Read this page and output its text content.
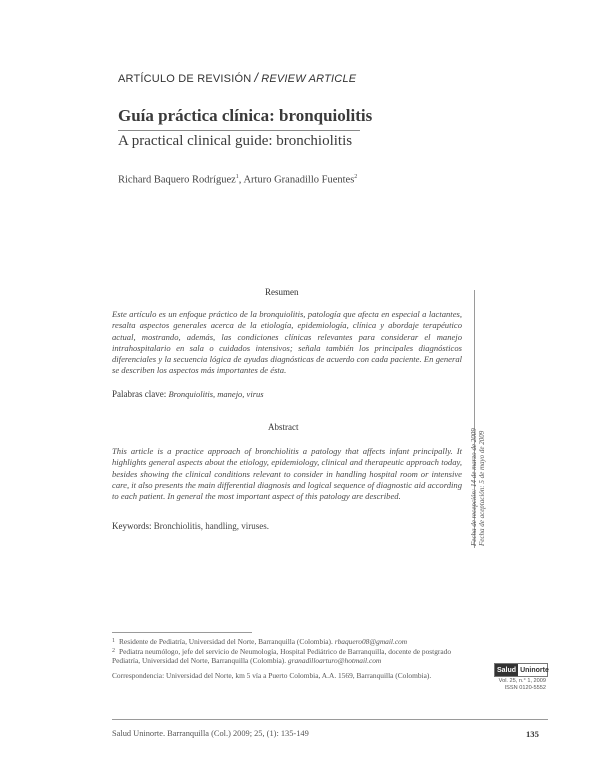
ARTÍCULO DE REVISIÓN / REVIEW ARTICLE
Guía práctica clínica: bronquiolitis
A practical clinical guide: bronchiolitis
Richard Baquero Rodríguez$^1$, Arturo Granadillo Fuentes$^2$
Resumen
Este artículo es un enfoque práctico de la bronquiolitis, patología que afecta en especial a lactantes, resalta aspectos generales acerca de la etiología, epidemiología, clínica y abordaje terapéutico actual, mostrando, además, las condiciones clínicas relevantes para considerar el manejo intrahospitalario en sala o cuidados intensivos; señala también los principales diagnósticos diferenciales y la secuencia lógica de ayudas diagnósticas de acuerdo con cada paciente. En general se describen los aspectos más importantes de ésta.
Palabras clave: Bronquiolitis, manejo, virus
Abstract
This article is a practice approach of bronchiolitis a patology that affects infant principally. It highlights general aspects about the etiology, epidemiology, clinical and therapeutic approach today, besides showing the clinical conditions relevant to consider in handling hospital room or intensive care, it also presents the main differential diagnosis and logical sequence of diagnostic aid according to each patient. In general the most important aspect of this patology are described.
Keywords: Bronchiolitis, handling, viruses.	Fecha de recepción: 14 de marzo de 2009 Fecha de aceptación: 5 de mayo de 2009
$^1$ Residente de Pediatría, Universidad del Norte, Barranquilla (Colombia). rbaquero08@gmail.com
$^2$ Pediatra neumólogo, jefe del servicio de Neumología, Hospital Pediátrico de Barranquilla, docente de postgrado Pediatría, Universidad del Norte, Barranquilla (Colombia). granadilloarturo@hotmail.com
Correspondencia: Universidad del Norte, km 5 vía a Puerto Colombia, A.A. 1569, Barranquilla (Colombia).
Salud Uninorte
Vol. 25, n.° 1, 2009
ISSN 0120-5552
Salud Uninorte. Barranquilla (Col.) 2009; 25, (1): 135-149	135
